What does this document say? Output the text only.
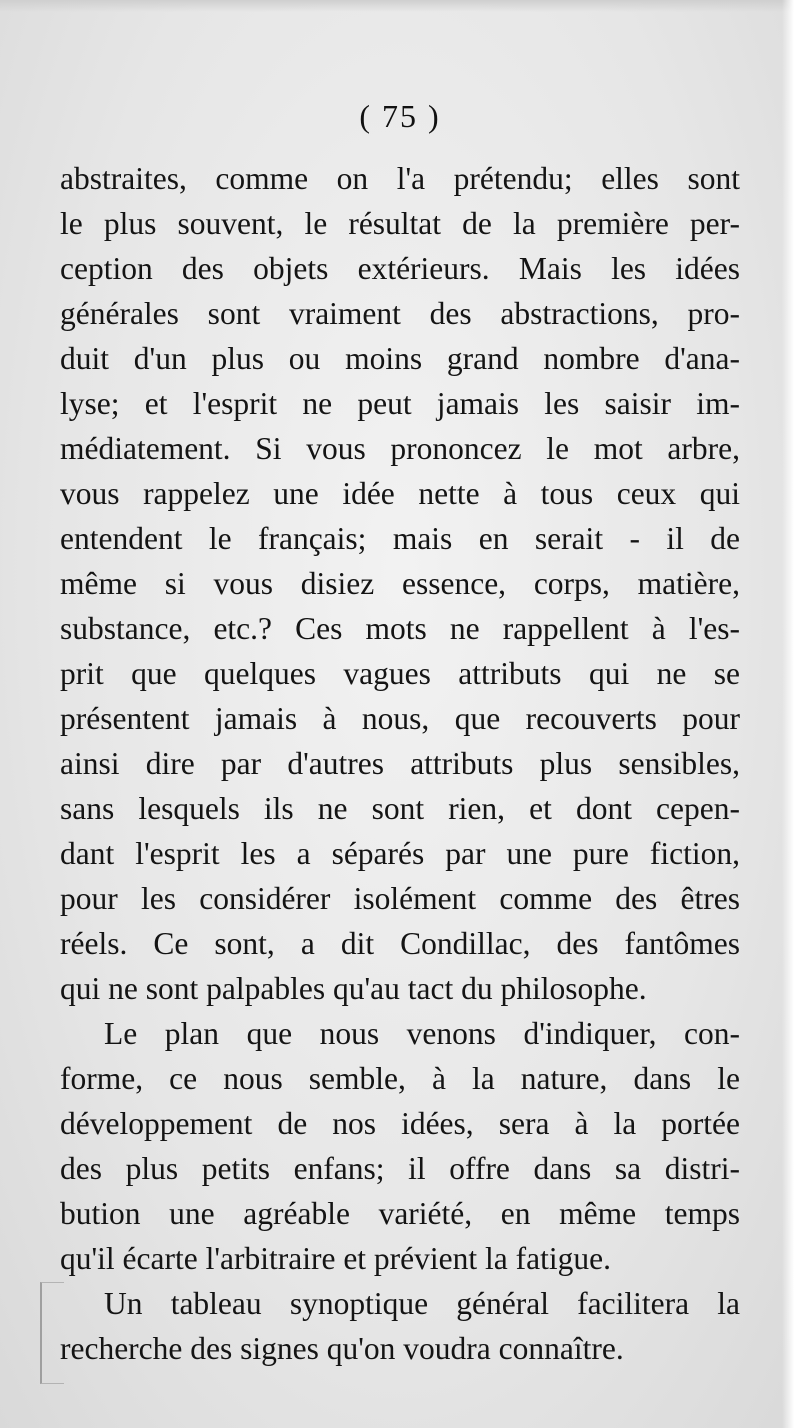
( 75 )
abstraites, comme on l'a prétendu; elles sont
le plus souvent, le résultat de la première per-
ception des objets extérieurs. Mais les idées
générales sont vraiment des abstractions, pro-
duit d'un plus ou moins grand nombre d'ana-
lyse; et l'esprit ne peut jamais les saisir im-
médiatement. Si vous prononcez le mot arbre,
vous rappelez une idée nette à tous ceux qui
entendent le français; mais en serait - il de
même si vous disiez essence, corps, matière,
substance, etc.? Ces mots ne rappellent à l'es-
prit que quelques vagues attributs qui ne se
présentent jamais à nous, que recouverts pour
ainsi dire par d'autres attributs plus sensibles,
sans lesquels ils ne sont rien, et dont cepen-
dant l'esprit les a séparés par une pure fiction,
pour les considérer isolément comme des êtres
réels. Ce sont, a dit Condillac, des fantômes
qui ne sont palpables qu'au tact du philosophe.
Le plan que nous venons d'indiquer, con-
forme, ce nous semble, à la nature, dans le
développement de nos idées, sera à la portée
des plus petits enfans; il offre dans sa distri-
bution une agréable variété, en même temps
qu'il écarte l'arbitraire et prévient la fatigue.
Un tableau synoptique général facilitera la
recherche des signes qu'on voudra connaître.
